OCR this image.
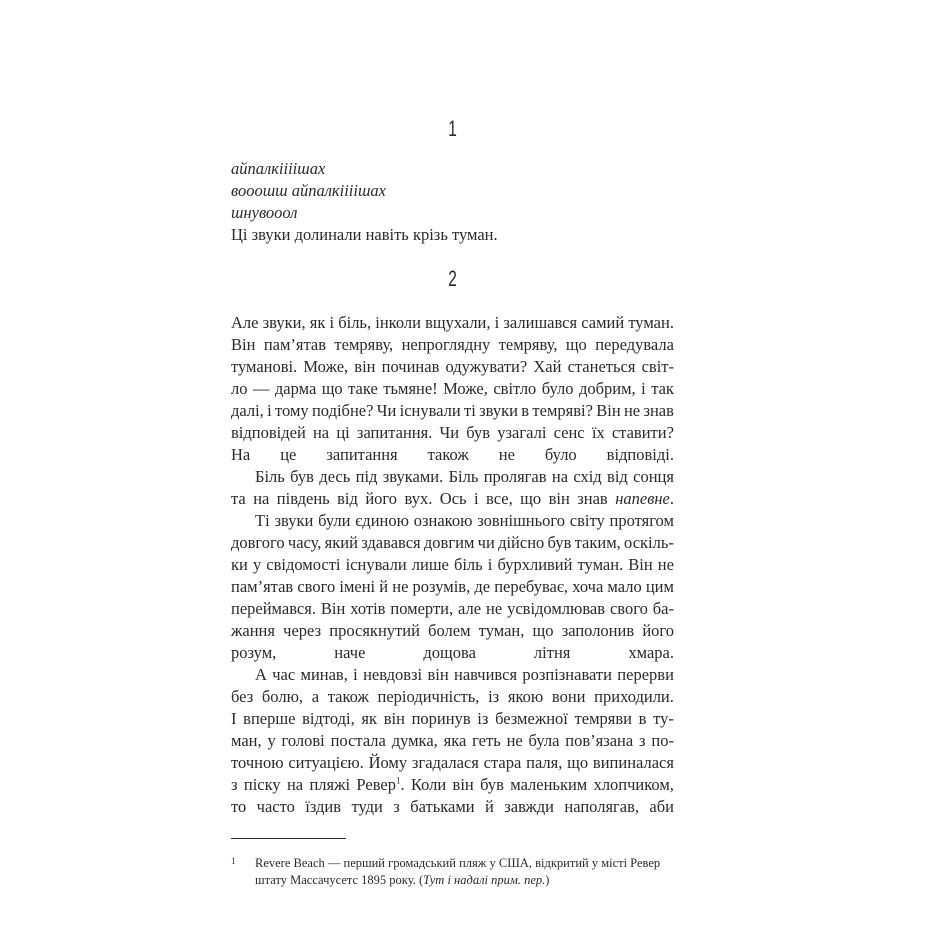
1
айпалкіііішах
вооошш айпалкіііішах
шнувооол
Ці звуки долинали навіть крізь туман.
2
Але звуки, як і біль, інколи вщухали, і залишався самий туман.
Він пам’ятав темряву, непроглядну темряву, що передувала
туманові. Може, він починав одужувати? Хай станеться світ-
ло — дарма що таке тьмяне! Може, світло було добрим, і так
далі, і тому подібне? Чи існували ті звуки в темряві? Він не знав
відповідей на ці запитання. Чи був узагалі сенс їх ставити?
На це запитання також не було відповіді.
Біль був десь під звуками. Біль пролягав на схід від сонця
та на південь від його вух. Ось і все, що він знав напевне.
Ті звуки були єдиною ознакою зовнішнього світу протягом
довгого часу, який здавався довгим чи дійсно був таким, оскіль-
ки у свідомості існували лише біль і бурхливий туман. Він не
пам’ятав свого імені й не розумів, де перебуває, хоча мало цим
переймався. Він хотів померти, але не усвідомлював свого ба-
жання через просякнутий болем туман, що заполонив його
розум, наче дощова літня хмара.
А час минав, і невдовзі він навчився розпізнавати перерви
без болю, а також періодичність, із якою вони приходили.
І вперше відтоді, як він поринув із безмежної темряви в ту-
ман, у голові постала думка, яка геть не була пов’язана з по-
точною ситуацією. Йому згадалася стара паля, що випиналася
з піску на пляжі Ревер$^1$. Коли він був маленьким хлопчиком,
то часто їздив туди з батьками й завжди наполягав, аби
1 Revere Beach — перший громадський пляж у США, відкритий у місті Ревер штату Массачусетс 1895 року. (Тут і надалі прим. пер.)
